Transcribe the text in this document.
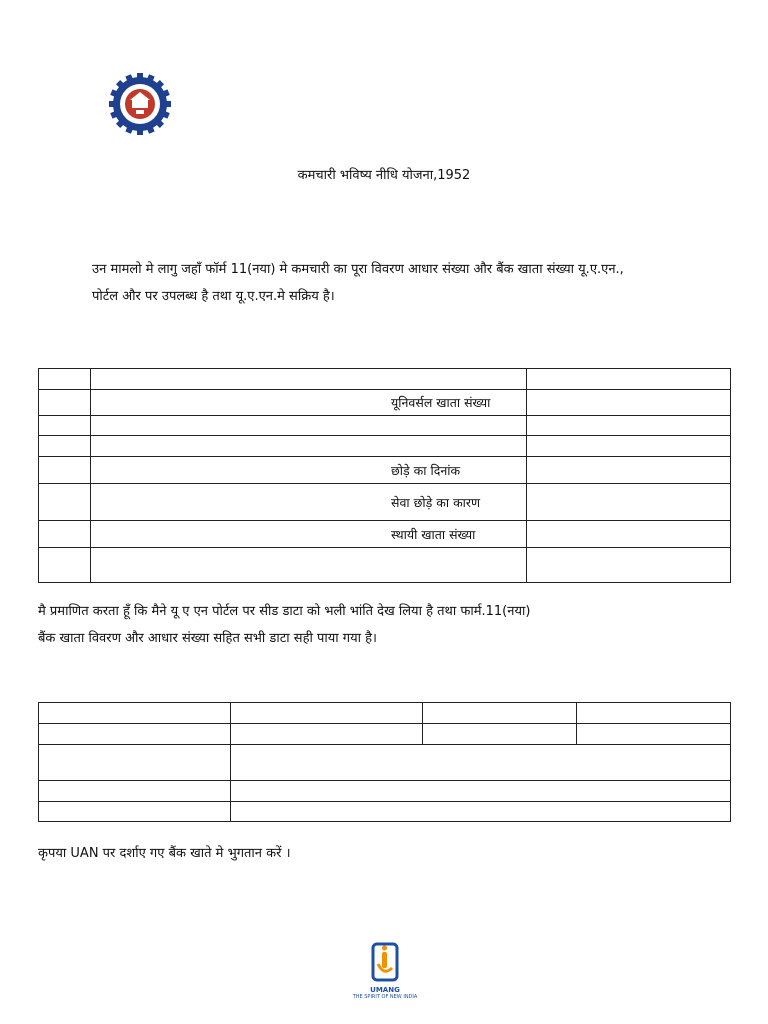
कमचारी भविष्य नीधि योजना,1952
उन मामलो मे लागु जहाँ फॉर्म 11(नया) मे कमचारी का पूरा विवरण आधार संख्या और बैंक खाता संख्या यू.ए.एन.,
पोर्टल और पर उपलब्ध है तथा यू.ए.एन.मे सक्रिय है।

	यूनिवर्सल खाता संख्या	

	छोड़े का दिनांक	
	सेवा छोड़े का कारण	
	स्थायी खाता संख्या	

मै प्रमाणित करता हूँ कि मैने यू ए एन पोर्टल पर सीड डाटा को भली भांति देख लिया है तथा फार्म.11(नया)
बैंक खाता विवरण और आधार संख्या सहित सभी डाटा सही पाया गया है।

कृपया UAN पर दर्शाए गए बैंक खाते मे भुगतान करें ।
UMANG
THE SPIRIT OF NEW INDIA
